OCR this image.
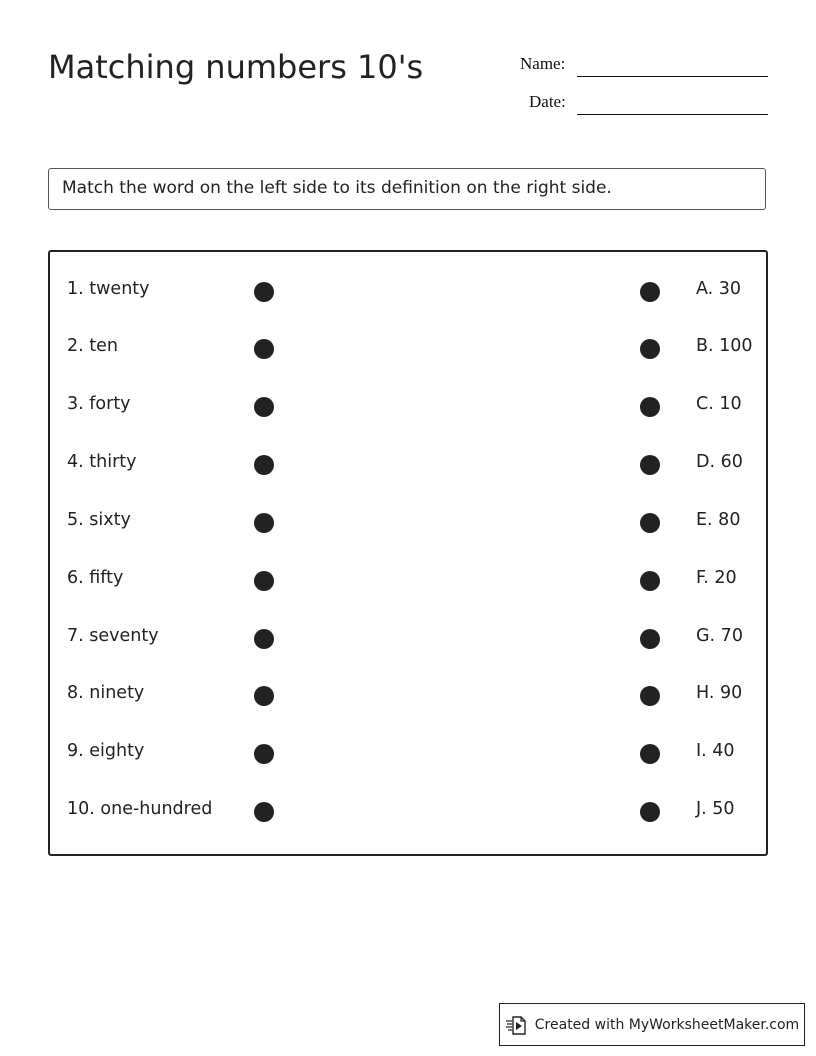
Matching numbers 10's	Name:
Date:
Match the word on the left side to its definition on the right side.
1. twenty	A. 30
2. ten	B. 100
3. forty	C. 10
4. thirty	D. 60
5. sixty	E. 80
6. fifty	F. 20
7. seventy	G. 70
8. ninety	H. 90
9. eighty	I. 40
10. one-hundred	J. 50
Created with MyWorksheetMaker.com
